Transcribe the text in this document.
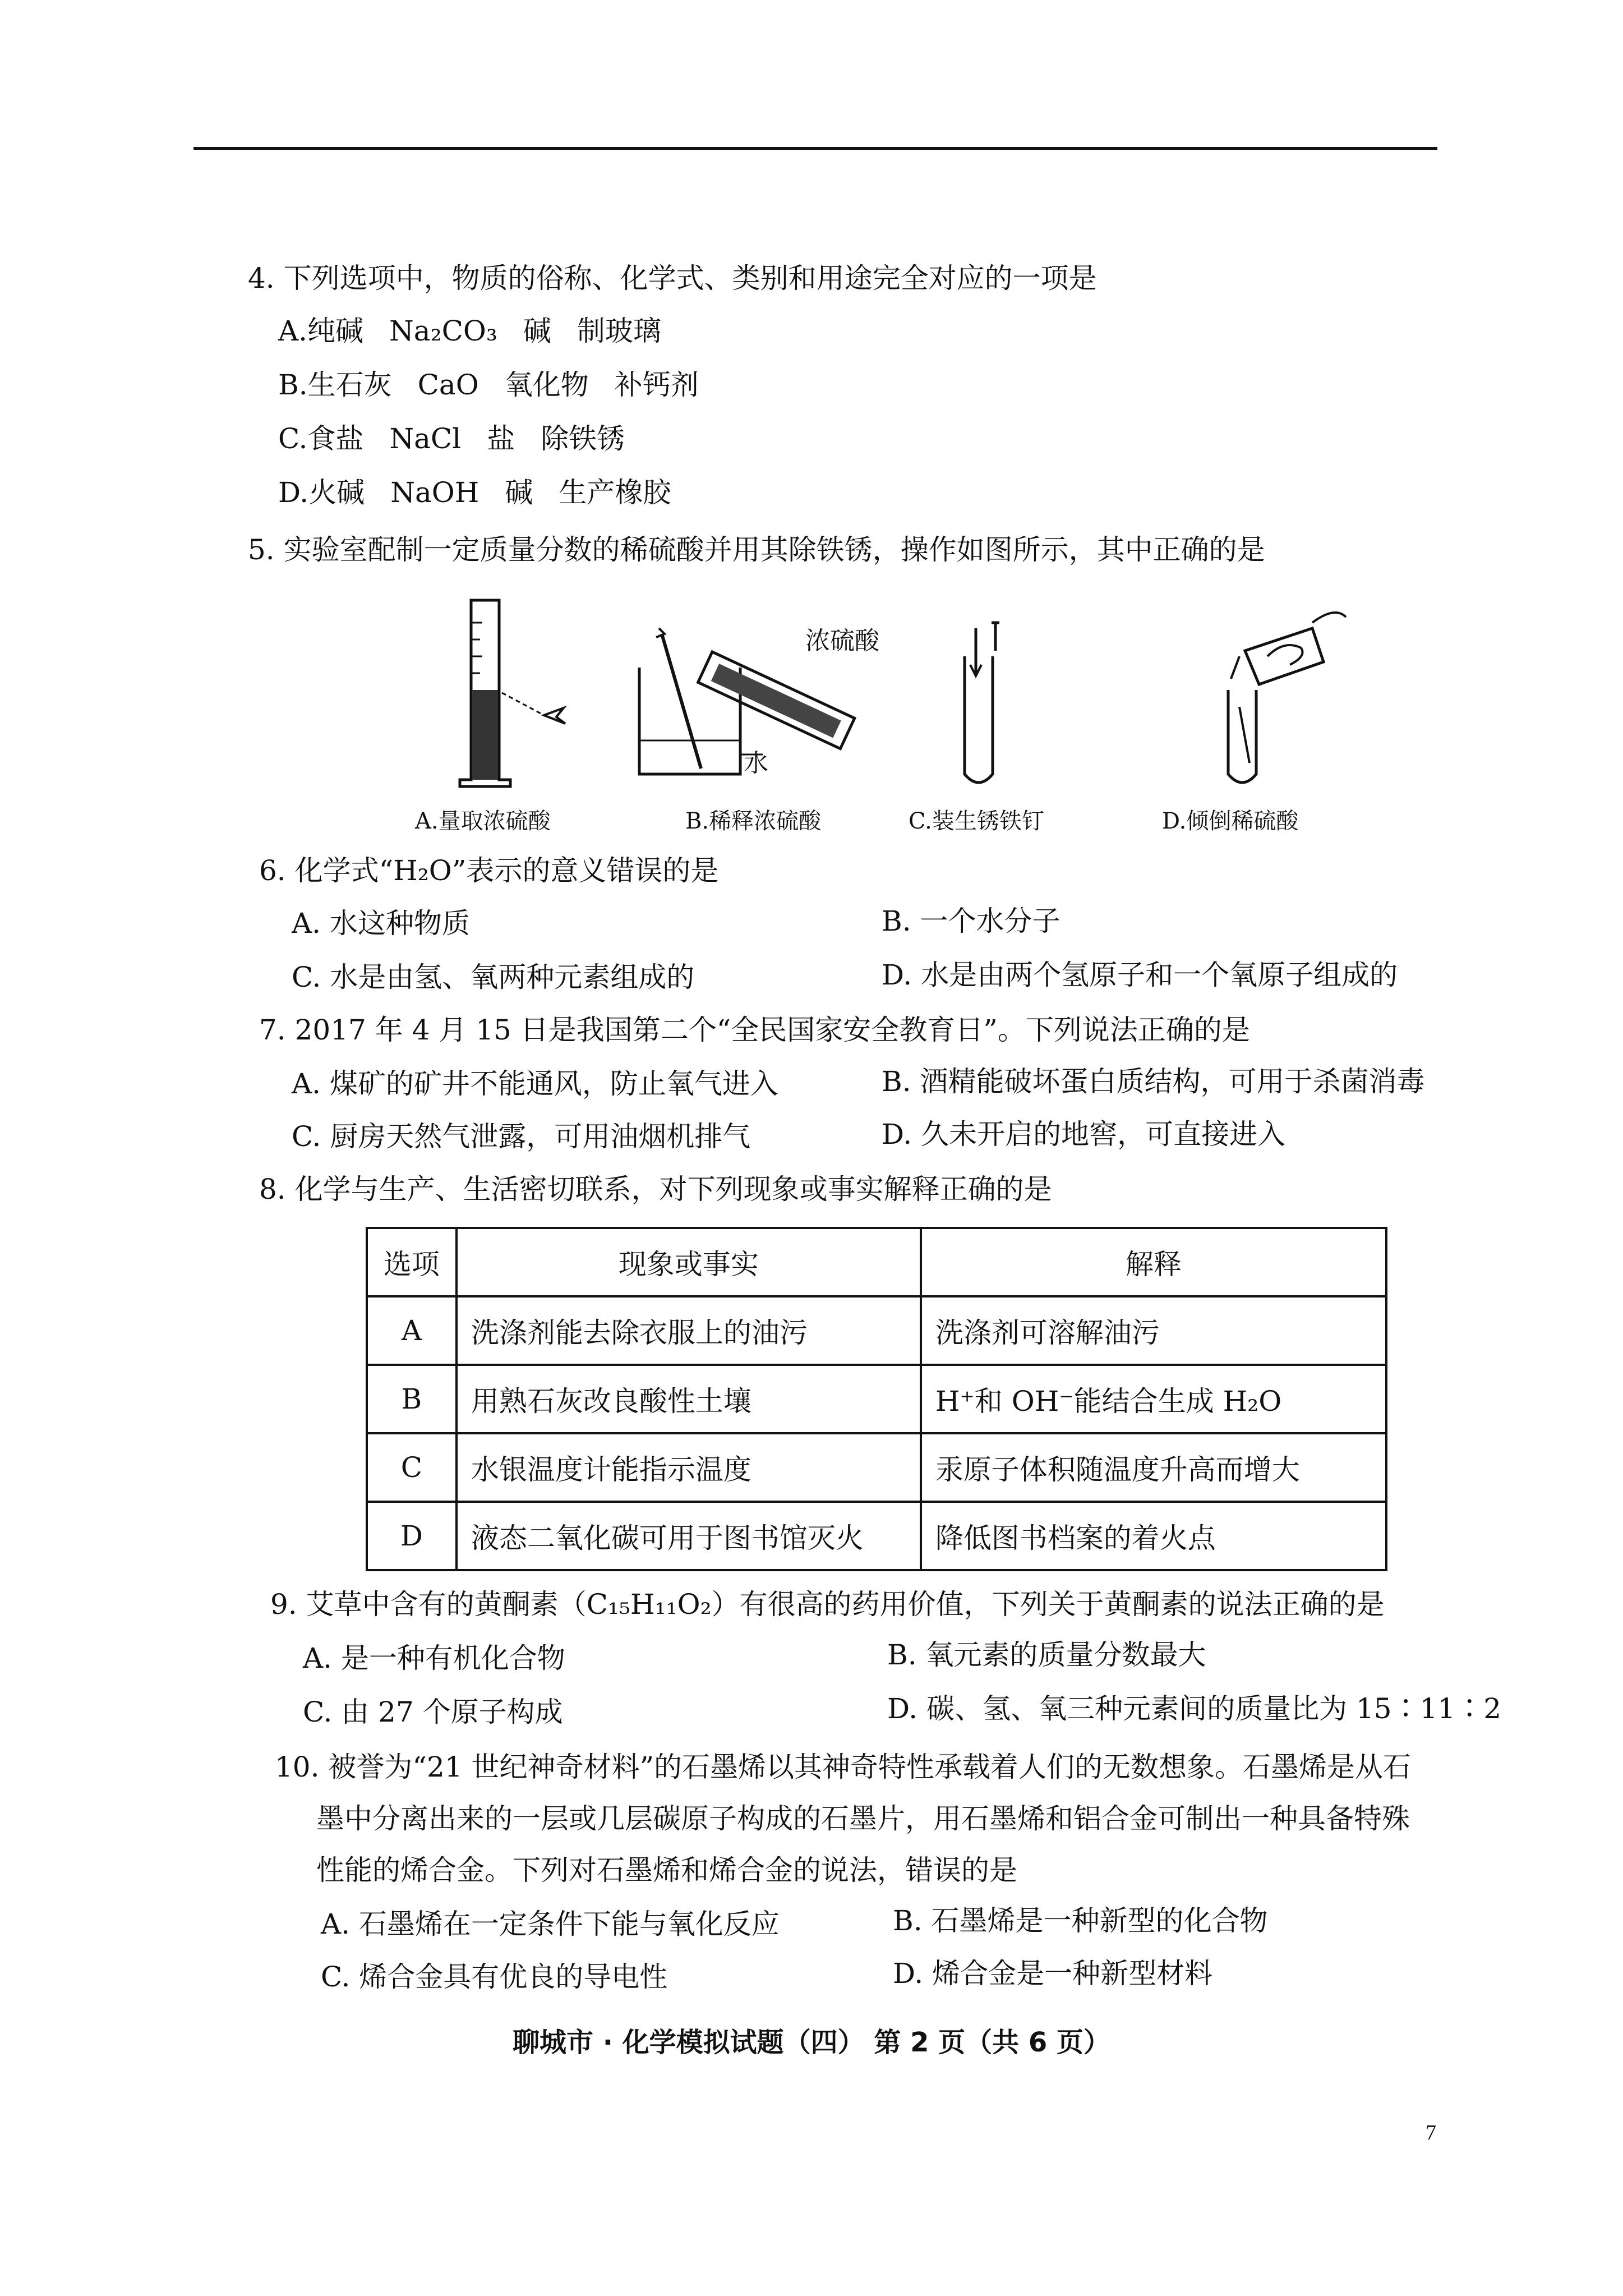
4. 下列选项中，物质的俗称、化学式、类别和用途完全对应的一项是
A.纯碱 Na₂CO₃ 碱 制玻璃
B.生石灰 CaO 氧化物 补钙剂
C.食盐 NaCl 盐 除铁锈
D.火碱 NaOH 碱 生产橡胶
5. 实验室配制一定质量分数的稀硫酸并用其除铁锈，操作如图所示，其中正确的是
浓硫酸
水
A.量取浓硫酸	B.稀释浓硫酸	C.装生锈铁钉	D.倾倒稀硫酸
6. 化学式“H₂O”表示的意义错误的是
A. 水这种物质	B. 一个水分子
C. 水是由氢、氧两种元素组成的	D. 水是由两个氢原子和一个氧原子组成的
7. 2017 年 4 月 15 日是我国第二个“全民国家安全教育日”。下列说法正确的是
A. 煤矿的矿井不能通风，防止氧气进入	B. 酒精能破坏蛋白质结构，可用于杀菌消毒
C. 厨房天然气泄露，可用油烟机排气	D. 久未开启的地窖，可直接进入
8. 化学与生产、生活密切联系，对下列现象或事实解释正确的是
选项	现象或事实	解释
A	洗涤剂能去除衣服上的油污	洗涤剂可溶解油污
B	用熟石灰改良酸性土壤	H⁺和 OH⁻能结合生成 H₂O
C	水银温度计能指示温度	汞原子体积随温度升高而增大
D	液态二氧化碳可用于图书馆灭火	降低图书档案的着火点
9. 艾草中含有的黄酮素（C₁₅H₁₁O₂）有很高的药用价值，下列关于黄酮素的说法正确的是
A. 是一种有机化合物	B. 氧元素的质量分数最大
C. 由 27 个原子构成	D. 碳、氢、氧三种元素间的质量比为 15∶11∶2
10. 被誉为“21 世纪神奇材料”的石墨烯以其神奇特性承载着人们的无数想象。石墨烯是从石
墨中分离出来的一层或几层碳原子构成的石墨片，用石墨烯和铝合金可制出一种具备特殊
性能的烯合金。下列对石墨烯和烯合金的说法，错误的是
A. 石墨烯在一定条件下能与氧化反应	B. 石墨烯是一种新型的化合物
C. 烯合金具有优良的导电性	D. 烯合金是一种新型材料
聊城市 · 化学模拟试题（四） 第 2 页（共 6 页）
7
